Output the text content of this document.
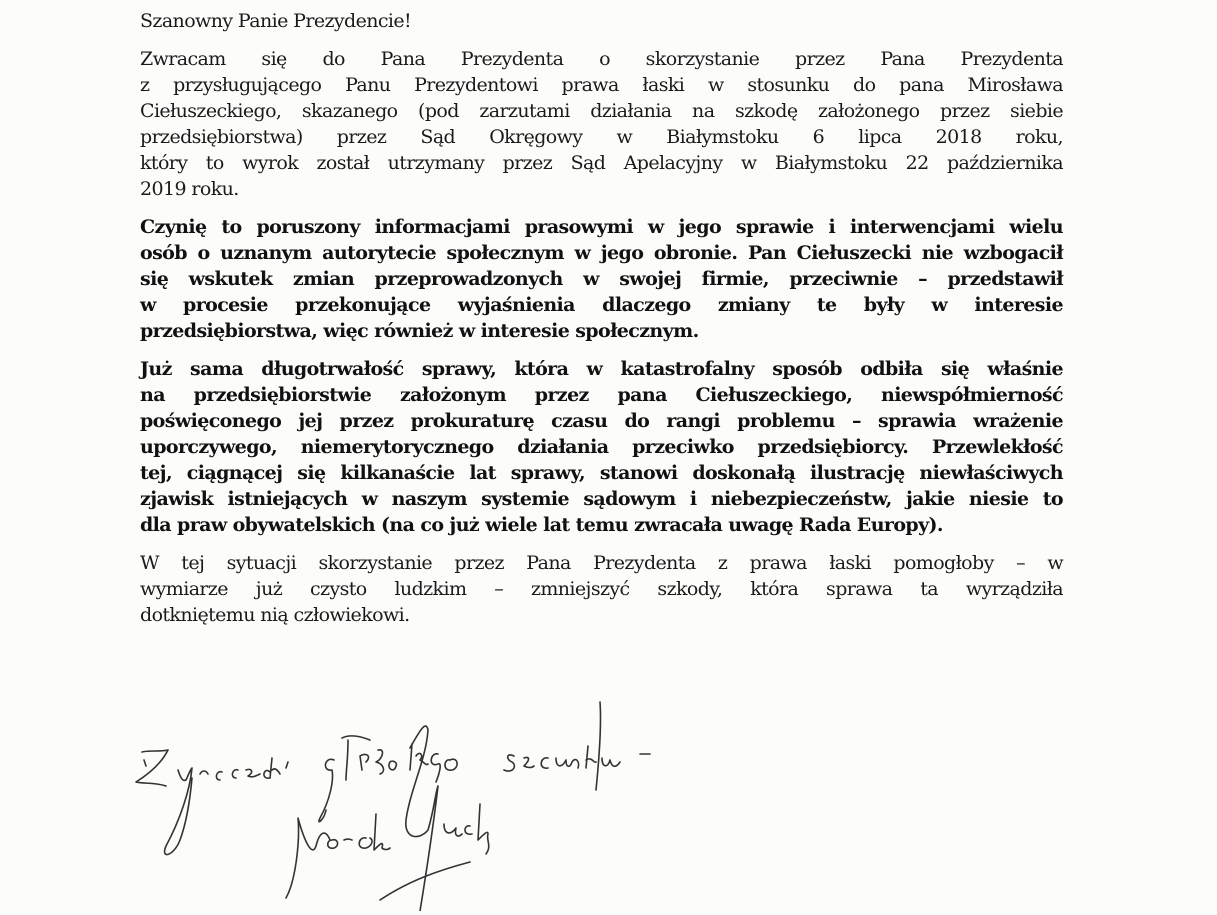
Szanowny Panie Prezydencie!
Zwracam się do Pana Prezydenta o skorzystanie przez Pana Prezydenta
z przysługującego Panu Prezydentowi prawa łaski w stosunku do pana Mirosława
Ciełuszeckiego, skazanego (pod zarzutami działania na szkodę założonego przez siebie
przedsiębiorstwa) przez Sąd Okręgowy w Białymstoku 6 lipca 2018 roku,
który to wyrok został utrzymany przez Sąd Apelacyjny w Białymstoku 22 października
2019 roku.
Czynię to poruszony informacjami prasowymi w jego sprawie i interwencjami wielu
osób o uznanym autorytecie społecznym w jego obronie. Pan Ciełuszecki nie wzbogacił
się wskutek zmian przeprowadzonych w swojej firmie, przeciwnie – przedstawił
w procesie przekonujące wyjaśnienia dlaczego zmiany te były w interesie
przedsiębiorstwa, więc również w interesie społecznym.
Już sama długotrwałość sprawy, która w katastrofalny sposób odbiła się właśnie
na przedsiębiorstwie założonym przez pana Ciełuszeckiego, niewspółmierność
poświęconego jej przez prokuraturę czasu do rangi problemu – sprawia wrażenie
uporczywego, niemerytorycznego działania przeciwko przedsiębiorcy. Przewlekłość
tej, ciągnącej się kilkanaście lat sprawy, stanowi doskonałą ilustrację niewłaściwych
zjawisk istniejących w naszym systemie sądowym i niebezpieczeństw, jakie niesie to
dla praw obywatelskich (na co już wiele lat temu zwracała uwagę Rada Europy).
W tej sytuacji skorzystanie przez Pana Prezydenta z prawa łaski pomogłoby – w
wymiarze już czysto ludzkim – zmniejszyć szkody, która sprawa ta wyrządziła
dotkniętemu nią człowiekowi.
